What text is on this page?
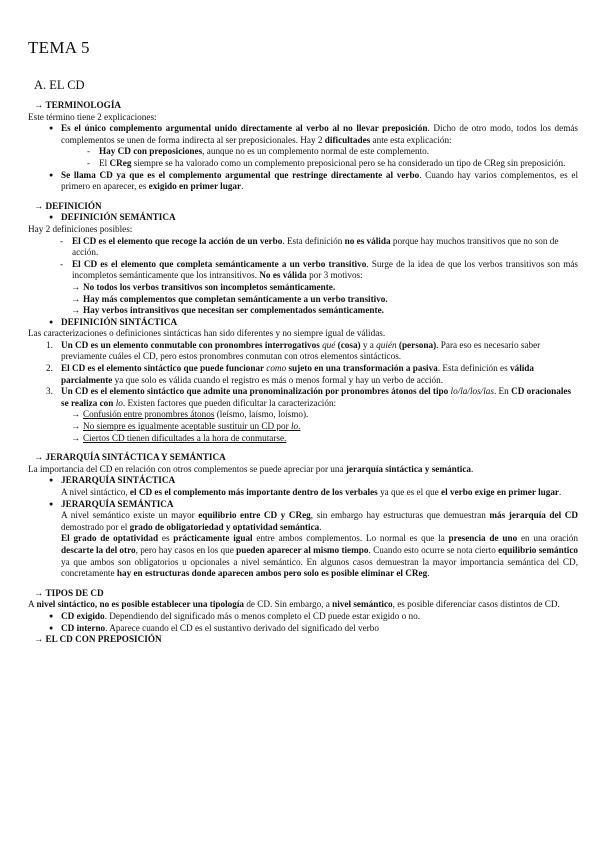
TEMA 5
A. EL CD

→ TERMINOLOGÍA

Este término tiene 2 explicaciones:

● Es el único complemento argumental unido directamente al verbo al no llevar preposición. Dicho de otro modo, todos los demás complementos se unen de forma indirecta al ser preposicionales. Hay 2 dificultades ante esta explicación:
- Hay CD con preposiciones, aunque no es un complemento normal de este complemento.
- El CReg siempre se ha valorado como un complemento preposicional pero se ha considerado un tipo de CReg sin preposición.
● Se llama CD ya que es el complemento argumental que restringe directamente al verbo. Cuando hay varios complementos, es el primero en aparecer, es exigido en primer lugar.

→ DEFINICIÓN

● DEFINICIÓN SEMÁNTICA

Hay 2 definiciones posibles:

- El CD es el elemento que recoge la acción de un verbo. Esta definición no es válida porque hay muchos transitivos que no son de acción.
- El CD es el elemento que completa semánticamente a un verbo transitivo. Surge de la idea de que los verbos transitivos son más incompletos semánticamente que los intransitivos. No es válida por 3 motivos:
→ No todos los verbos transitivos son incompletos semánticamente.
→ Hay más complementos que completan semánticamente a un verbo transitivo.
→ Hay verbos intransitivos que necesitan ser complementados semánticamente.
● DEFINICIÓN SINTÁCTICA

Las caracterizaciones o definiciones sintácticas han sido diferentes y no siempre igual de válidas.

1. Un CD es un elemento conmutable con pronombres interrogativos qué (cosa) y a quién (persona). Para eso es necesario saber previamente cuáles el CD, pero estos pronombres conmutan con otros elementos sintácticos.
2. El CD es el elemento sintáctico que puede funcionar como sujeto en una transformación a pasiva. Esta definición es válida parcialmente ya que solo es válida cuando el registro es más o menos formal y hay un verbo de acción.
3. Un CD es el elemento sintáctico que admite una pronominalización por pronombres átonos del tipo lo/la/los/las. En CD oracionales se realiza con lo. Existen factores que pueden dificultar la caracterización:
→ Confusión entre pronombres átonos (leísmo, laísmo, loísmo).
→ No siempre es igualmente aceptable sustituir un CD por lo.
→ Ciertos CD tienen dificultades a la hora de conmutarse.

→ JERARQUÍA SINTÁCTICA Y SEMÁNTICA

La importancia del CD en relación con otros complementos se puede apreciar por una jerarquía sintáctica y semántica.

● JERARQUÍA SINTÁCTICA

A nivel sintáctico, el CD es el complemento más importante dentro de los verbales ya que es el que el verbo exige en primer lugar.

● JERARQUÍA SEMÁNTICA

A nivel semántico existe un mayor equilibrio entre CD y CReg, sin embargo hay estructuras que demuestran más jerarquía del CD demostrado por el grado de obligatoriedad y optatividad semántica.

El grado de optatividad es prácticamente igual entre ambos complementos. Lo normal es que la presencia de uno en una oración descarte la del otro, pero hay casos en los que pueden aparecer al mismo tiempo. Cuando esto ocurre se nota cierto equilibrio semántico ya que ambos son obligatorios u opcionales a nivel semántico. En algunos casos demuestran la mayor importancia semántica del CD, concretamente hay en estructuras donde aparecen ambos pero solo es posible eliminar el CReg.

→ TIPOS DE CD

A nivel sintáctico, no es posible establecer una tipología de CD. Sin embargo, a nivel semántico, es posible diferenciar casos distintos de CD.

● CD exigido. Dependiendo del significado más o menos completo el CD puede estar exigido o no.
● CD interno. Aparece cuando el CD es el sustantivo derivado del significado del verbo

→ EL CD CON PREPOSICIÓN
